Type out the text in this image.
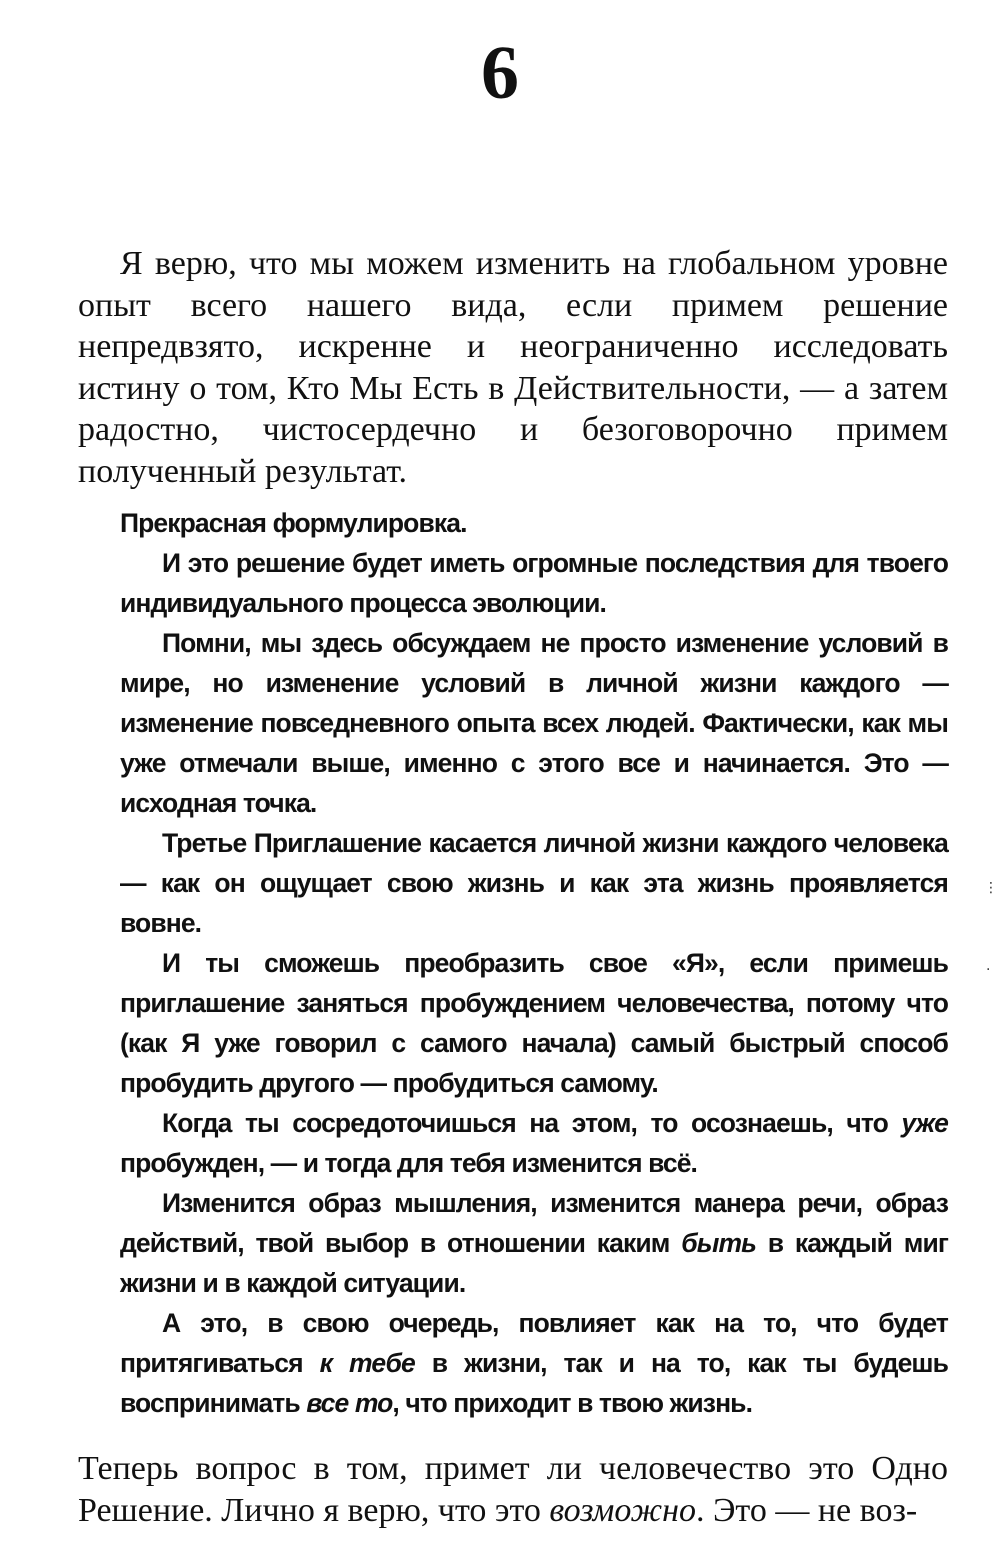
6

Я верю, что мы можем изменить на глобальном уровне опыт всего нашего вида, если примем решение непредвзято, искренне и неограниченно исследовать истину о том, Кто Мы Есть в Действительности, — а затем радостно, чистосердечно и безоговорочно примем полученный результат.

Прекрасная формулировка.

И это решение будет иметь огромные последствия для твоего индивидуального процесса эволюции.

Помни, мы здесь обсуждаем не просто изменение условий в мире, но изменение условий в личной жизни каждого — изменение повседневного опыта всех людей. Фактически, как мы уже отмечали выше, именно с этого все и начинается. Это — исходная точка.

Третье Приглашение касается личной жизни каждого человека — как он ощущает свою жизнь и как эта жизнь проявляется вовне.

И ты сможешь преобразить свое «Я», если примешь приглашение заняться пробуждением человечества, потому что (как Я уже говорил с самого начала) самый быстрый способ пробудить другого — пробудиться самому.

Когда ты сосредоточишься на этом, то осознаешь, что уже пробужден, — и тогда для тебя изменится всё.

Изменится образ мышления, изменится манера речи, образ действий, твой выбор в отношении каким быть в каждый миг жизни и в каждой ситуации.

А это, в свою очередь, повлияет как на то, что будет притягиваться к тебе в жизни, так и на то, как ты будешь воспринимать все то, что приходит в твою жизнь.

Теперь вопрос в том, примет ли человечество это Одно Решение. Лично я верю, что это возможно. Это — не воз-

⋮
·
